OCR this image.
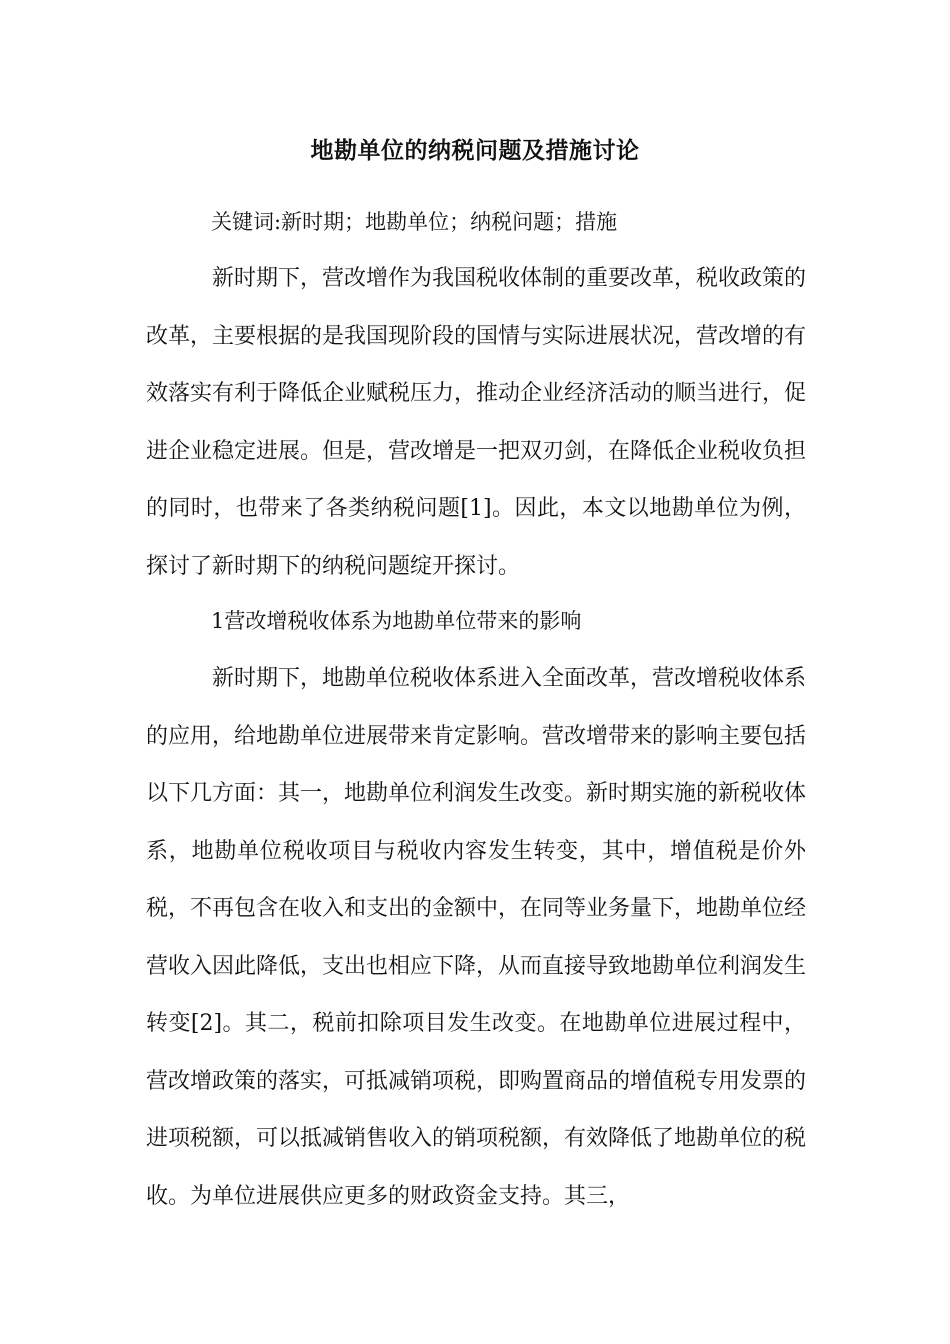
地勘单位的纳税问题及措施讨论
关键词:新时期；地勘单位；纳税问题；措施

新时期下，营改增作为我国税收体制的重要改革，税收政策的改革，主要根据的是我国现阶段的国情与实际进展状况，营改增的有效落实有利于降低企业赋税压力，推动企业经济活动的顺当进行，促进企业稳定进展。但是，营改增是一把双刃剑，在降低企业税收负担的同时，也带来了各类纳税问题[1]。因此，本文以地勘单位为例，探讨了新时期下的纳税问题绽开探讨。

1营改增税收体系为地勘单位带来的影响

新时期下，地勘单位税收体系进入全面改革，营改增税收体系的应用，给地勘单位进展带来肯定影响。营改增带来的影响主要包括以下几方面：其一，地勘单位利润发生改变。新时期实施的新税收体系，地勘单位税收项目与税收内容发生转变，其中，增值税是价外税，不再包含在收入和支出的金额中，在同等业务量下，地勘单位经营收入因此降低，支出也相应下降，从而直接导致地勘单位利润发生转变[2]。其二，税前扣除项目发生改变。在地勘单位进展过程中，营改增政策的落实，可抵减销项税，即购置商品的增值税专用发票的进项税额，可以抵减销售收入的销项税额，有效降低了地勘单位的税收。为单位进展供应更多的财政资金支持。其三，
